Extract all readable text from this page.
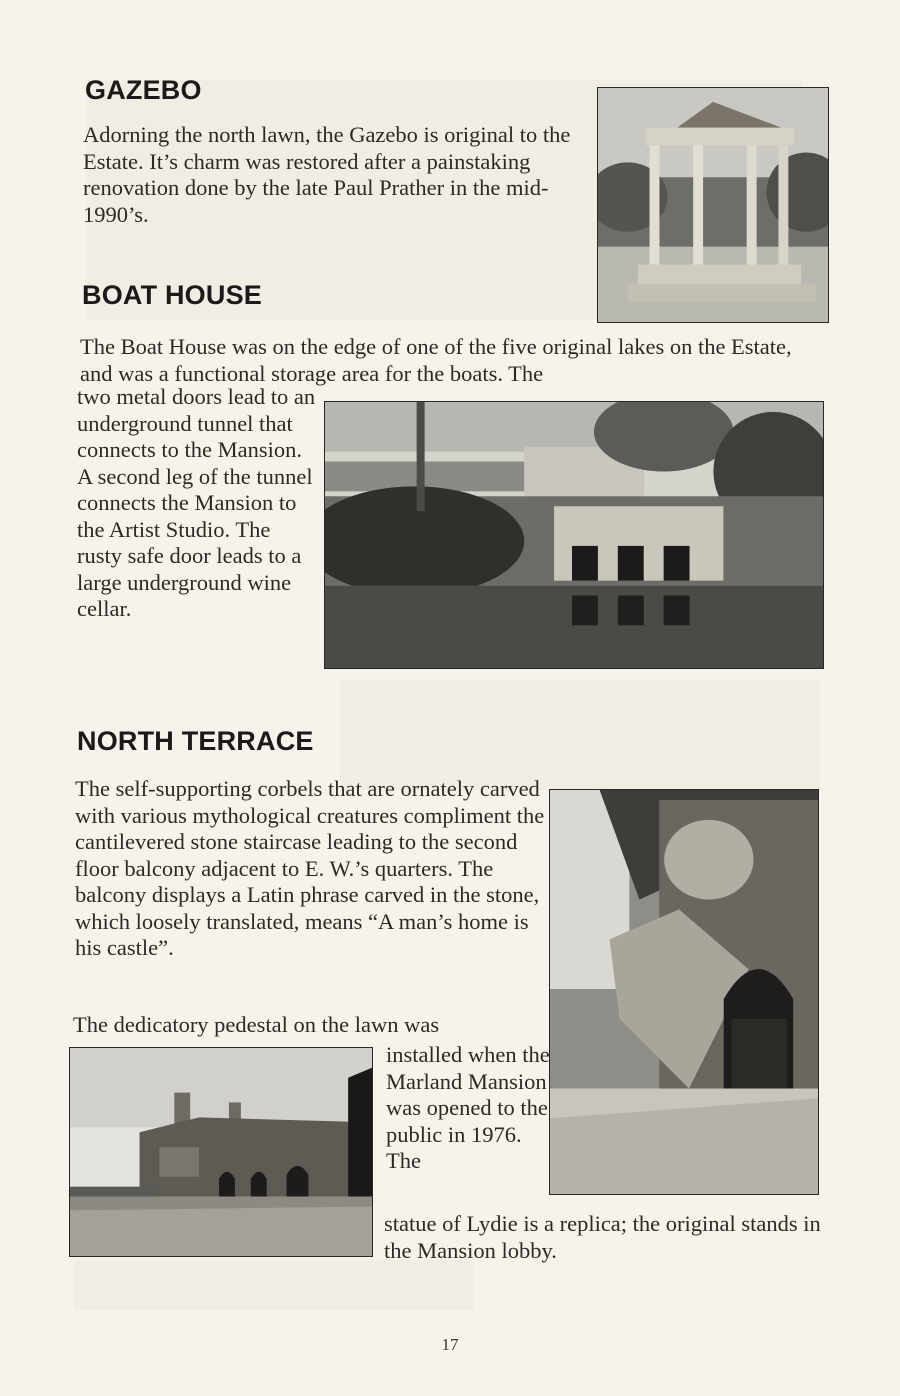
GAZEBO

Adorning the north lawn, the Gazebo is original to the Estate. It’s charm was restored after a painstaking renovation done by the late Paul Prather in the mid-1990’s.

BOAT HOUSE

The Boat House was on the edge of one of the five original lakes on the Estate, and was a functional storage area for the boats. The

two metal doors lead to an underground tunnel that connects to the Mansion. A second leg of the tunnel connects the Mansion to the Artist Studio. The rusty safe door leads to a large underground wine cellar.

NORTH TERRACE

The self-supporting corbels that are ornately carved with various mythological creatures compliment the cantilevered stone staircase leading to the second floor balcony adjacent to E. W.’s quarters. The balcony displays a Latin phrase carved in the stone, which loosely translated, means “A man’s home is his castle”.

The dedicatory pedestal on the lawn was

installed when the Marland Mansion was opened to the public in 1976. The

statue of Lydie is a replica; the original stands in the Mansion lobby.

17
